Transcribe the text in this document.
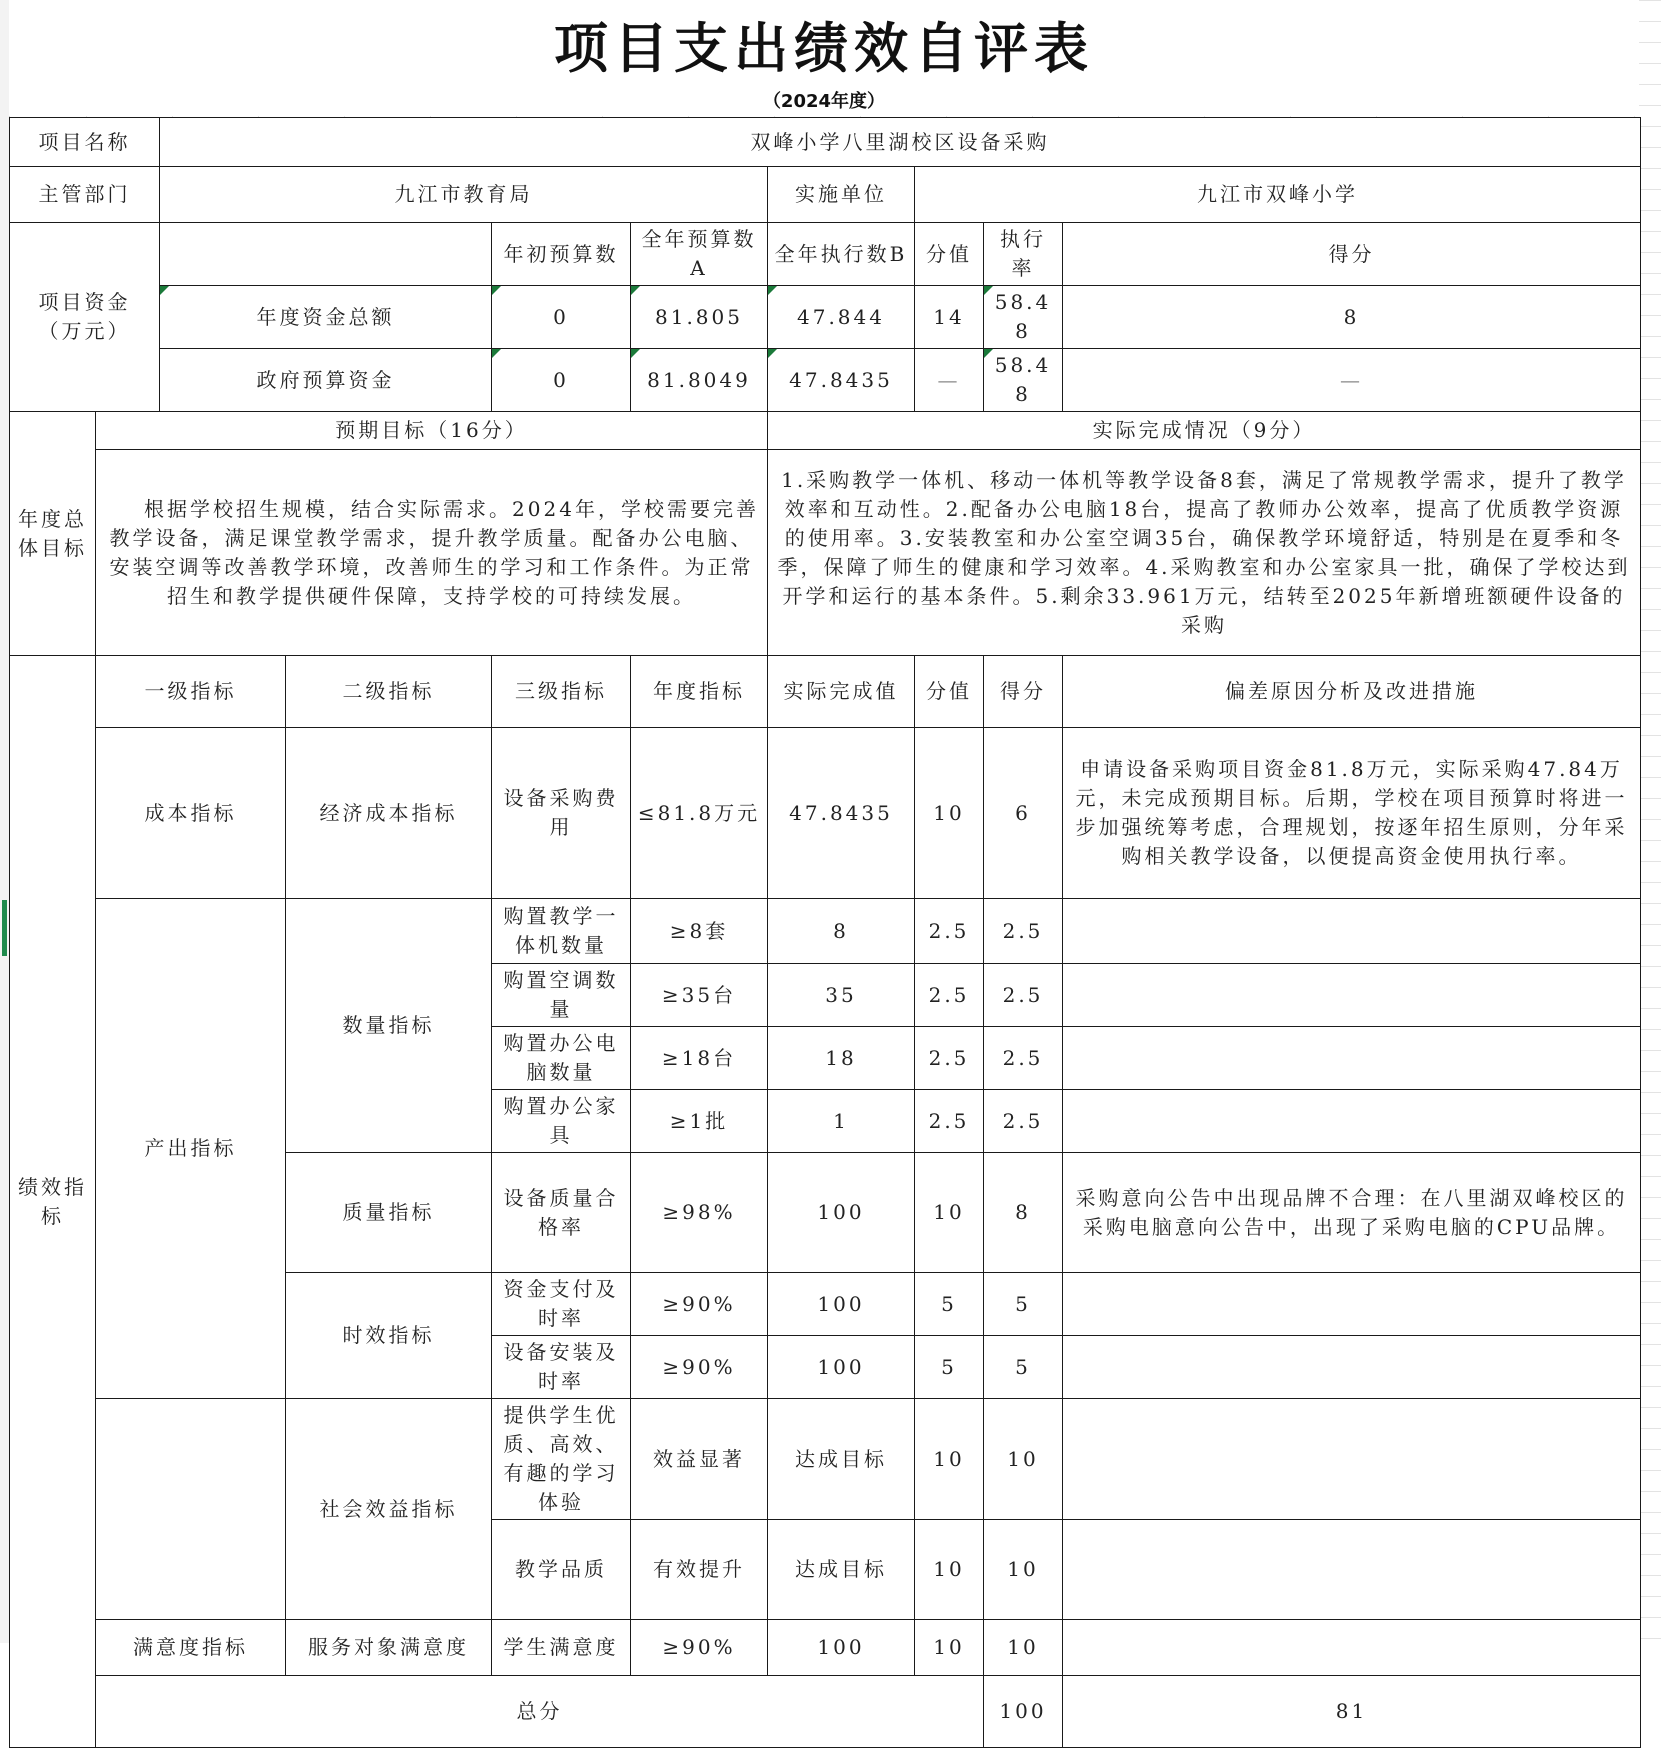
项目支出绩效自评表
（2024年度）
项目名称		双峰小学八里湖校区设备采购								
主管部门		九江市教育局				实施单位	九江市双峰小学			
项目资金（万元）				年初预算数	全年预算数A	全年执行数B	分值	执行率	得分	
		年度资金总额		0	81.805	47.844	14	58.48	8	
		政府预算资金		0	81.8049	47.8435	—	58.48	—	
年度总体目标	预期目标（16分）					实际完成情况（9分）				
	根据学校招生规模，结合实际需求。2024年，学校需要完善教学设备，满足课堂教学需求，提升教学质量。配备办公电脑、安装空调等改善教学环境，改善师生的学习和工作条件。为正常招生和教学提供硬件保障，支持学校的可持续发展。					1.采购教学一体机、移动一体机等教学设备8套，满足了常规教学需求，提升了教学效率和互动性。2.配备办公电脑18台，提高了教师办公效率，提高了优质教学资源的使用率。3.安装教室和办公室空调35台，确保教学环境舒适，特别是在夏季和冬季，保障了师生的健康和学习效率。4.采购教室和办公室家具一批，确保了学校达到开学和运行的基本条件。5.剩余33.961万元，结转至2025年新增班额硬件设备的采购				
绩效指标	一级指标		二级指标	三级指标	年度指标	实际完成值	分值	得分	偏差原因分析及改进措施	
	成本指标		经济成本指标	设备采购费用	≤81.8万元	47.8435	10	6	申请设备采购项目资金81.8万元，实际采购47.84万元，未完成预期目标。后期，学校在项目预算时将进一步加强统筹考虑，合理规划，按逐年招生原则，分年采购相关教学设备，以便提高资金使用执行率。	
	产出指标		数量指标	购置教学一体机数量	≥8套	8	2.5	2.5		
				购置空调数量	≥35台	35	2.5	2.5		
				购置办公电脑数量	≥18台	18	2.5	2.5		
				购置办公家具	≥1批	1	2.5	2.5		
			质量指标	设备质量合格率	≥98%	100	10	8	采购意向公告中出现品牌不合理：在八里湖双峰校区的采购电脑意向公告中，出现了采购电脑的CPU品牌。	
			时效指标	资金支付及时率	≥90%	100	5	5		
				设备安装及时率	≥90%	100	5	5		
			社会效益指标	提供学生优质、高效、有趣的学习体验	效益显著	达成目标	10	10		
				教学品质	有效提升	达成目标	10	10		
	满意度指标		服务对象满意度	学生满意度	≥90%	100	10	10		
	总分							100	81	
